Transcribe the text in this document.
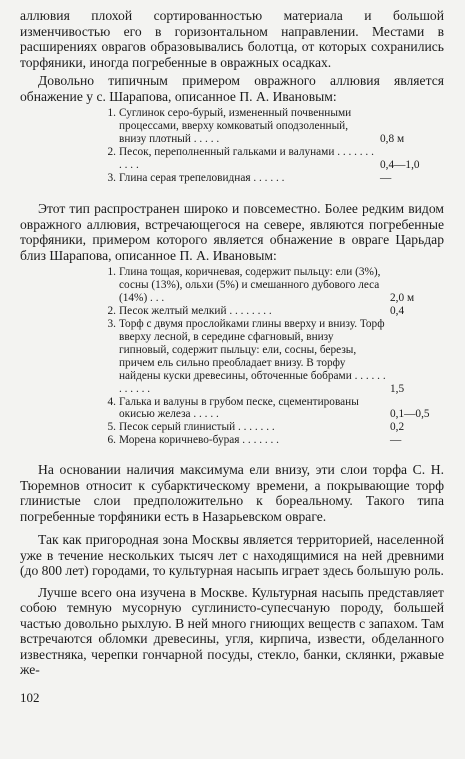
аллювия плохой сортированностью материала и большой изменчивостью его в горизонтальном направлении. Местами в расширениях оврагов образовывались болотца, от которых сохранились торфяники, иногда погребенные в овражных осадках.

Довольно типичным примером овражного аллювия является обнажение у с. Шарапова, описанное П. А. Ивановым:

1. Суглинок серо-бурый, измененный почвенными процессами, вверху комковатый оподзоленный, внизу плотный . . . . .	0,8 м
2. Песок, переполненный гальками и валунами . . . . . . . . . . .	0,4—1,0
3. Глина серая трепеловидная . . . . . .	—

Этот тип распространен широко и повсеместно. Более редким видом овражного аллювия, встречающегося на севере, являются погребенные торфяники, примером которого является обнажение в овраге Царьдар близ Шарапова, описанное П. А. Ивановым:

1. Глина тощая, коричневая, содержит пыльцу: ели (3%), сосны (13%), ольхи (5%) и смешанного дубового леса (14%) . . .	2,0 м
2. Песок желтый мелкий . . . . . . . .	0,4
3. Торф с двумя прослойками глины вверху и внизу. Торф вверху лесной, в середине сфагновый, внизу гипновый, содержит пыльцу: ели, сосны, березы, причем ель сильно преобладает внизу. В торфу найдены куски древесины, обточенные бобрами . . . . . . . . . . . .	1,5
4. Галька и валуны в грубом песке, сцементированы окисью железа . . . . .	0,1—0,5
5. Песок серый глинистый . . . . . . .	0,2
6. Морена коричнево-бурая . . . . . . .	—

На основании наличия максимума ели внизу, эти слои торфа С. Н. Тюремнов относит к субарктическому времени, а покрывающие торф глинистые слои предположительно к бореальному. Такого типа погребенные торфяники есть в Назарьевском овраге.

Так как пригородная зона Москвы является территорией, населенной уже в течение нескольких тысяч лет с находящимися на ней древними (до 800 лет) городами, то культурная насыпь играет здесь большую роль.

Лучше всего она изучена в Москве. Культурная насыпь представляет собою темную мусорную суглинисто-супесчаную породу, большей частью довольно рыхлую. В ней много гниющих веществ с запахом. Там встречаются обломки древесины, угля, кирпича, извести, обделанного известняка, черепки гончарной посуды, стекло, банки, склянки, ржавые же-

102
